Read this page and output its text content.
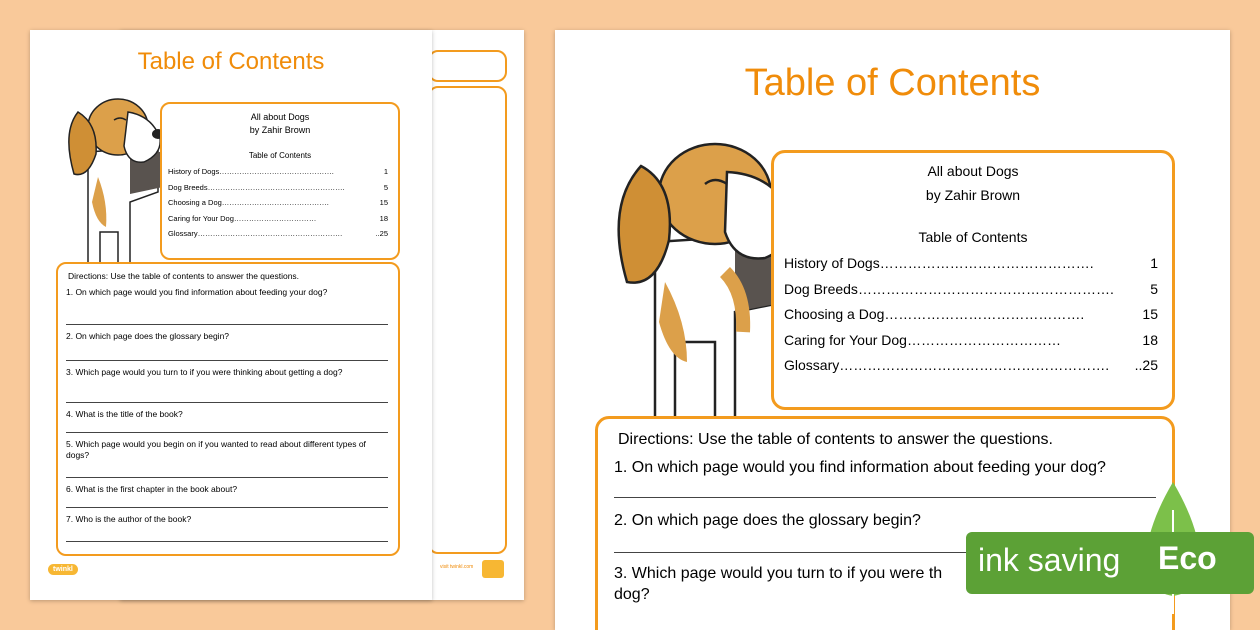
visit twinkl.com
Table of Contents
All about Dogs
by Zahir Brown
Table of Contents
History of Dogs ……………………………………….	1
Dog Breeds ……………………………………………….	5
Choosing a Dog …………………………………….	15
Caring for Your Dog ……………………………	18
Glossary ………………………………………………….	..25
Directions: Use the table of contents to answer the questions.
1. On which page would you find information about feeding your dog?
2. On which page does the glossary begin?
3. Which page would you turn to if you were thinking about getting a dog?
4. What is the title of the book?
5. Which page would you begin on if you wanted to read about different types of dogs?
6. What is the first chapter in the book about?
7. Who is the author of the book?
twinkl
Table of Contents
All about Dogs
by Zahir Brown
Table of Contents
History of Dogs ……………………………………….	1
Dog Breeds ……………………………………………….	5
Choosing a Dog …………………………………….	15
Caring for Your Dog ……………………………	18
Glossary ………………………………………………….	..25
Directions: Use the table of contents to answer the questions.
1. On which page would you find information about feeding your dog?
2. On which page does the glossary begin?
3. Which page would you turn to if you were th
dog?
ink saving Eco
